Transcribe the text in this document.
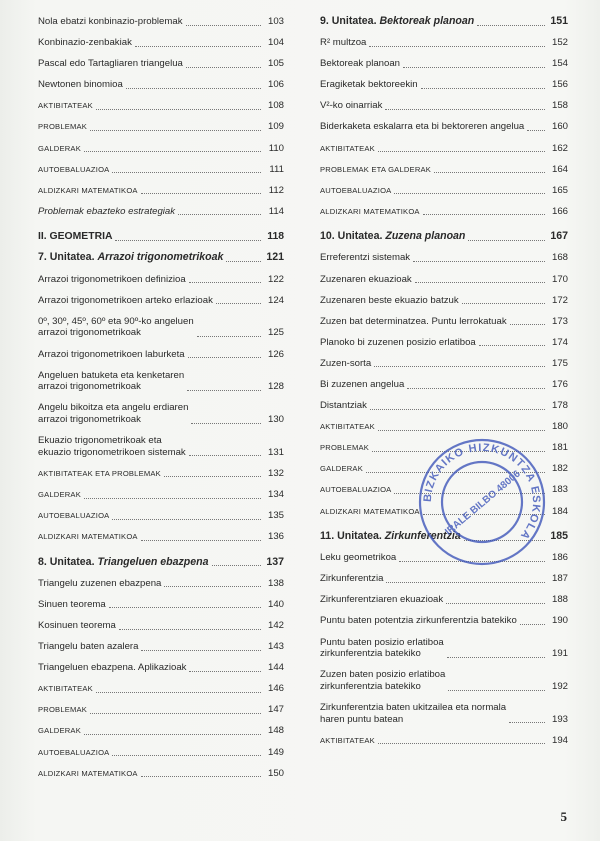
Nola ebatzi konbinazio-problemak	103
Konbinazio-zenbakiak	104
Pascal edo Tartagliaren triangelua	105
Newtonen binomioa	106
AKTIBITATEAK	108
PROBLEMAK	109
GALDERAK	110
AUTOEBALUAZIOA	111
ALDIZKARI MATEMATIKOA	112
Problemak ebazteko estrategiak	114
II. GEOMETRIA	118
7. Unitatea. Arrazoi trigonometrikoak	121
Arrazoi trigonometrikoen definizioa	122
Arrazoi trigonometrikoen arteko erlazioak	124
0º, 30º, 45º, 60º eta 90º-ko angeluen
arrazoi trigonometrikoak	125
Arrazoi trigonometrikoen laburketa	126
Angeluen batuketa eta kenketaren
arrazoi trigonometrikoak	128
Angelu bikoitza eta angelu erdiaren
arrazoi trigonometrikoak	130
Ekuazio trigonometrikoak eta
ekuazio trigonometrikoen sistemak	131
AKTIBITATEAK ETA PROBLEMAK	132
GALDERAK	134
AUTOEBALUAZIOA	135
ALDIZKARI MATEMATIKOA	136
8. Unitatea. Triangeluen ebazpena	137
Triangelu zuzenen ebazpena	138
Sinuen teorema	140
Kosinuen teorema	142
Triangelu baten azalera	143
Triangeluen ebazpena. Aplikazioak	144
AKTIBITATEAK	146
PROBLEMAK	147
GALDERAK	148
AUTOEBALUAZIOA	149
ALDIZKARI MATEMATIKOA	150
9. Unitatea. Bektoreak planoan	151
R² multzoa	152
Bektoreak planoan	154
Eragiketak bektoreekin	156
V²-ko oinarriak	158
Biderkaketa eskalarra eta bi bektoreren angelua	160
AKTIBITATEAK	162
PROBLEMAK ETA GALDERAK	164
AUTOEBALUAZIOA	165
ALDIZKARI MATEMATIKOA	166
10. Unitatea. Zuzena planoan	167
Erreferentzi sistemak	168
Zuzenaren ekuazioak	170
Zuzenaren beste ekuazio batzuk	172
Zuzen bat determinatzea. Puntu lerrokatuak	173
Planoko bi zuzenen posizio erlatiboa	174
Zuzen-sorta	175
Bi zuzenen angelua	176
Distantziak	178
AKTIBITATEAK	180
PROBLEMAK	181
GALDERAK	182
AUTOEBALUAZIOA	183
ALDIZKARI MATEMATIKOA	184
11. Unitatea. Zirkunferentzia	185
Leku geometrikoa	186
Zirkunferentzia	187
Zirkunferentziaren ekuazioak	188
Puntu baten potentzia zirkunferentzia batekiko	190
Puntu baten posizio erlatiboa
zirkunferentzia batekiko	191
Zuzen baten posizio erlatiboa
zirkunferentzia batekiko	192
Zirkunferentzia baten ukitzailea eta normala
haren puntu batean	193
AKTIBITATEAK	194
BIZKAIKO HIZKUNTZA ESKOLA
IRALE BILBO 48006
5
